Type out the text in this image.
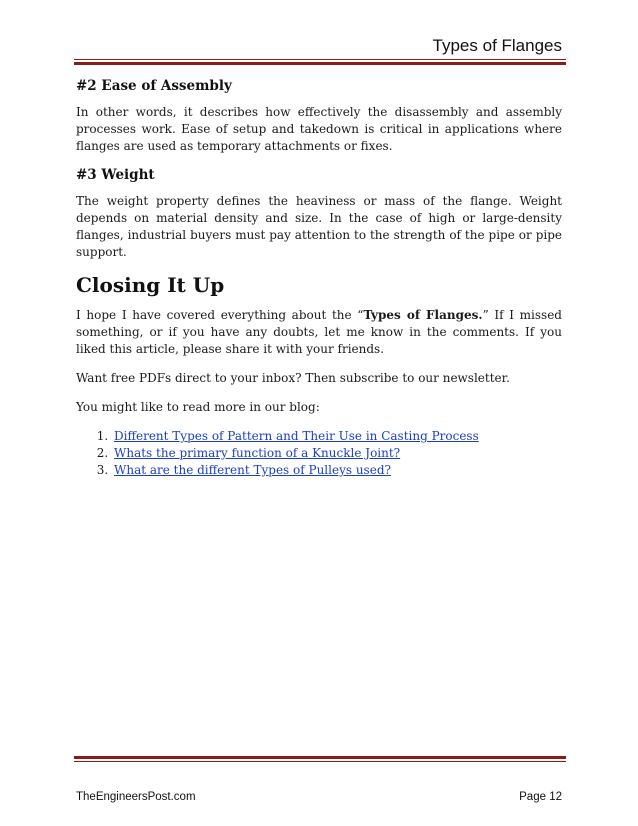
Types of Flanges
#2 Ease of Assembly

In other words, it describes how effectively the disassembly and assembly processes work. Ease of setup and takedown is critical in applications where flanges are used as temporary attachments or fixes.

#3 Weight

The weight property defines the heaviness or mass of the flange. Weight depends on material density and size. In the case of high or large-density flanges, industrial buyers must pay attention to the strength of the pipe or pipe support.

Closing It Up

I hope I have covered everything about the “Types of Flanges.” If I missed something, or if you have any doubts, let me know in the comments. If you liked this article, please share it with your friends.

Want free PDFs direct to your inbox? Then subscribe to our newsletter.

You might like to read more in our blog:

1. Different Types of Pattern and Their Use in Casting Process
2. Whats the primary function of a Knuckle Joint?
3. What are the different Types of Pulleys used?
TheEngineersPost.com	Page 12
